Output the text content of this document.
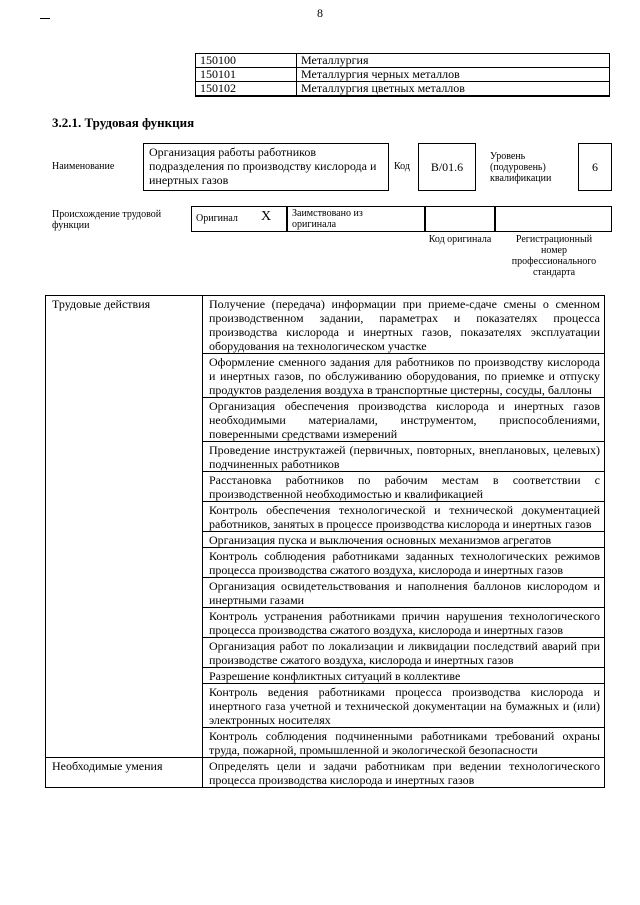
8
150100	Металлургия
150101	Металлургия черных металлов
150102	Металлургия цветных металлов
3.2.1. Трудовая функция
Наименование
Организация работы работников подразделения по производству кислорода и инертных газов
Код	В/01.6
Уровень (подуровень) квалификации
6
Происхождение трудовой функции
Оригинал X Заимствовано из оригинала
Код оригинала	Регистрационный номер профессионального стандарта
Трудовые действия	Получение (передача) информации при приеме-сдаче смены о сменном производственном задании, параметрах и показателях процесса производства кислорода и инертных газов, показателях эксплуатации оборудования на технологическом участке
	Оформление сменного задания для работников по производству кислорода и инертных газов, по обслуживанию оборудования, по приемке и отпуску продуктов разделения воздуха в транспортные цистерны, сосуды, баллоны
	Организация обеспечения производства кислорода и инертных газов необходимыми материалами, инструментом, приспособлениями, поверенными средствами измерений
	Проведение инструктажей (первичных, повторных, внеплановых, целевых) подчиненных работников
	Расстановка работников по рабочим местам в соответствии с производственной необходимостью и квалификацией
	Контроль обеспечения технологической и технической документацией работников, занятых в процессе производства кислорода и инертных газов
	Организация пуска и выключения основных механизмов агрегатов
	Контроль соблюдения работниками заданных технологических режимов процесса производства сжатого воздуха, кислорода и инертных газов
	Организация освидетельствования и наполнения баллонов кислородом и инертными газами
	Контроль устранения работниками причин нарушения технологического процесса производства сжатого воздуха, кислорода и инертных газов
	Организация работ по локализации и ликвидации последствий аварий при производстве сжатого воздуха, кислорода и инертных газов
	Разрешение конфликтных ситуаций в коллективе
	Контроль ведения работниками процесса производства кислорода и инертного газа учетной и технической документации на бумажных и (или) электронных носителях
	Контроль соблюдения подчиненными работниками требований охраны труда, пожарной, промышленной и экологической безопасности
Необходимые умения	Определять цели и задачи работникам при ведении технологического процесса производства кислорода и инертных газов
